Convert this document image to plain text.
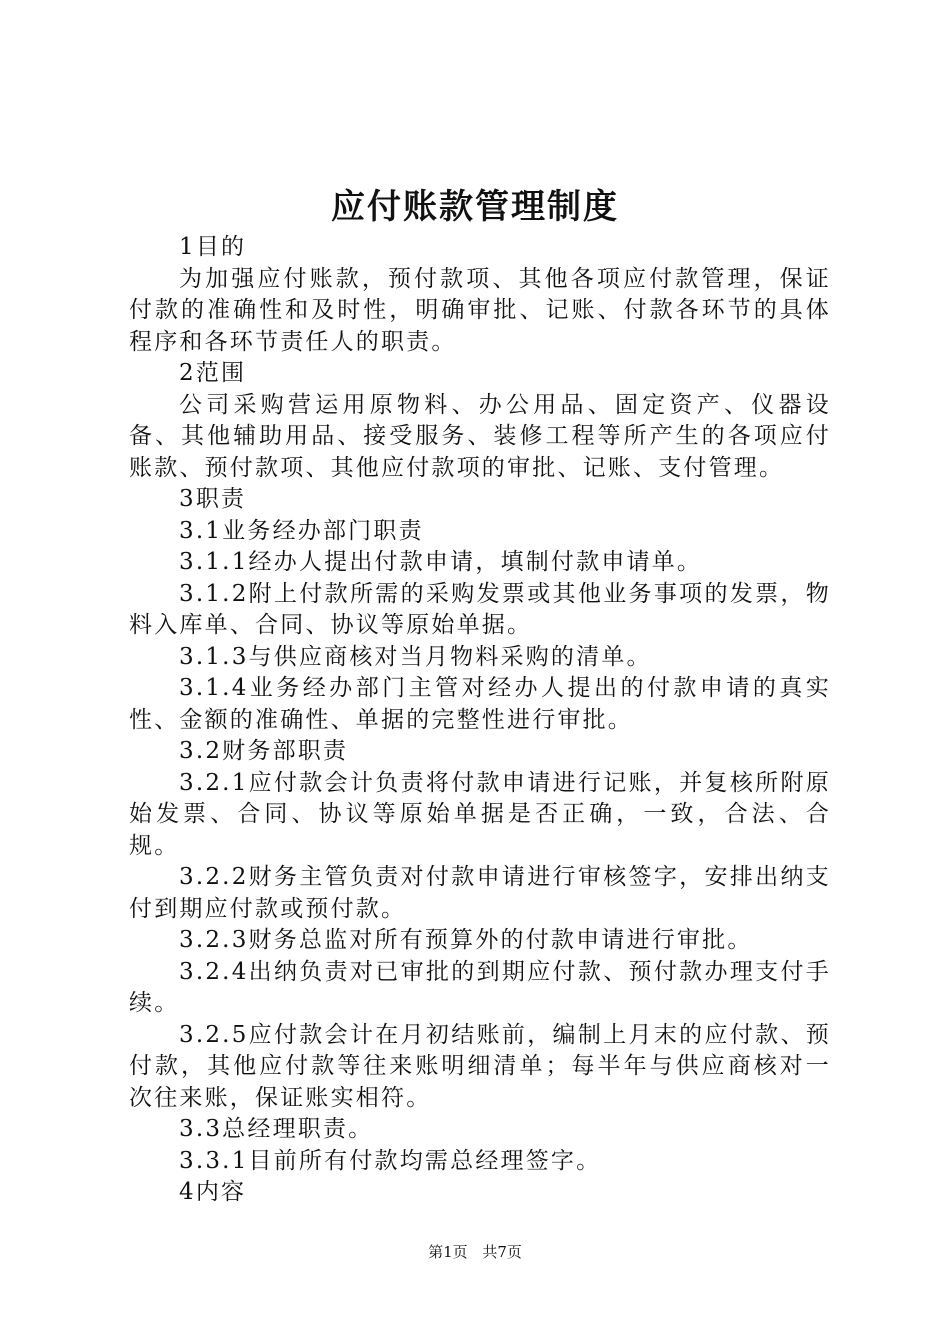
应付账款管理制度

1目的

为加强应付账款，预付款项、其他各项应付款管理，保证付款的准确性和及时性，明确审批、记账、付款各环节的具体程序和各环节责任人的职责。

2范围

公司采购营运用原物料、办公用品、固定资产、仪器设备、其他辅助用品、接受服务、装修工程等所产生的各项应付账款、预付款项、其他应付款项的审批、记账、支付管理。

3职责

3.1业务经办部门职责

3.1.1经办人提出付款申请，填制付款申请单。

3.1.2附上付款所需的采购发票或其他业务事项的发票，物料入库单、合同、协议等原始单据。

3.1.3与供应商核对当月物料采购的清单。

3.1.4业务经办部门主管对经办人提出的付款申请的真实性、金额的准确性、单据的完整性进行审批。

3.2财务部职责

3.2.1应付款会计负责将付款申请进行记账，并复核所附原始发票、合同、协议等原始单据是否正确，一致，合法、合规。

3.2.2财务主管负责对付款申请进行审核签字，安排出纳支付到期应付款或预付款。

3.2.3财务总监对所有预算外的付款申请进行审批。

3.2.4出纳负责对已审批的到期应付款、预付款办理支付手续。

3.2.5应付款会计在月初结账前，编制上月末的应付款、预付款，其他应付款等往来账明细清单；每半年与供应商核对一次往来账，保证账实相符。

3.3总经理职责。

3.3.1目前所有付款均需总经理签字。

4内容

第1页 共7页
